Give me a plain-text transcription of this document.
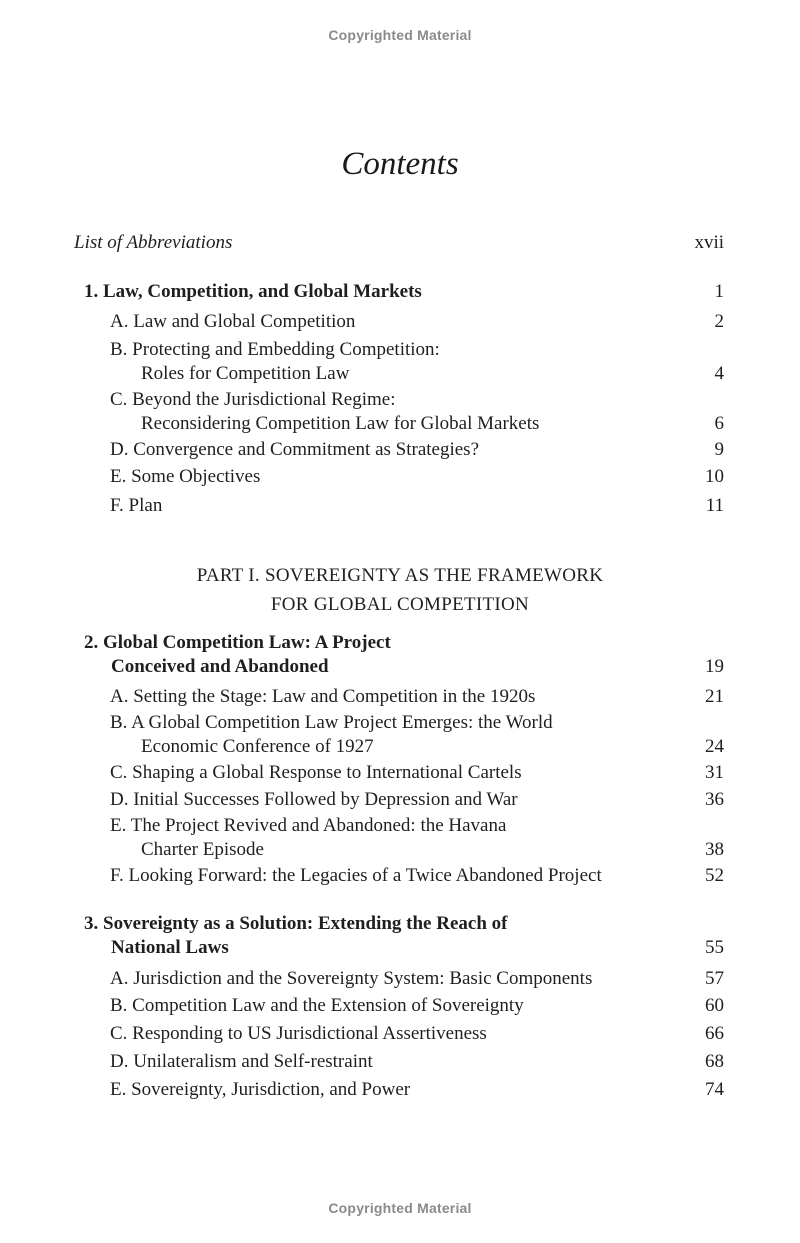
Copyrighted Material
Contents
List of Abbreviations	xvii
1. Law, Competition, and Global Markets	1
A. Law and Global Competition	2
B. Protecting and Embedding Competition:
Roles for Competition Law	4
C. Beyond the Jurisdictional Regime:
Reconsidering Competition Law for Global Markets	6
D. Convergence and Commitment as Strategies?	9
E. Some Objectives	10
F. Plan	11
PART I. SOVEREIGNTY AS THE FRAMEWORK
FOR GLOBAL COMPETITION
2. Global Competition Law: A Project
Conceived and Abandoned	19
A. Setting the Stage: Law and Competition in the 1920s	21
B. A Global Competition Law Project Emerges: the World
Economic Conference of 1927	24
C. Shaping a Global Response to International Cartels	31
D. Initial Successes Followed by Depression and War	36
E. The Project Revived and Abandoned: the Havana
Charter Episode	38
F. Looking Forward: the Legacies of a Twice Abandoned Project	52
3. Sovereignty as a Solution: Extending the Reach of
National Laws	55
A. Jurisdiction and the Sovereignty System: Basic Components	57
B. Competition Law and the Extension of Sovereignty	60
C. Responding to US Jurisdictional Assertiveness	66
D. Unilateralism and Self-restraint	68
E. Sovereignty, Jurisdiction, and Power	74
Copyrighted Material
